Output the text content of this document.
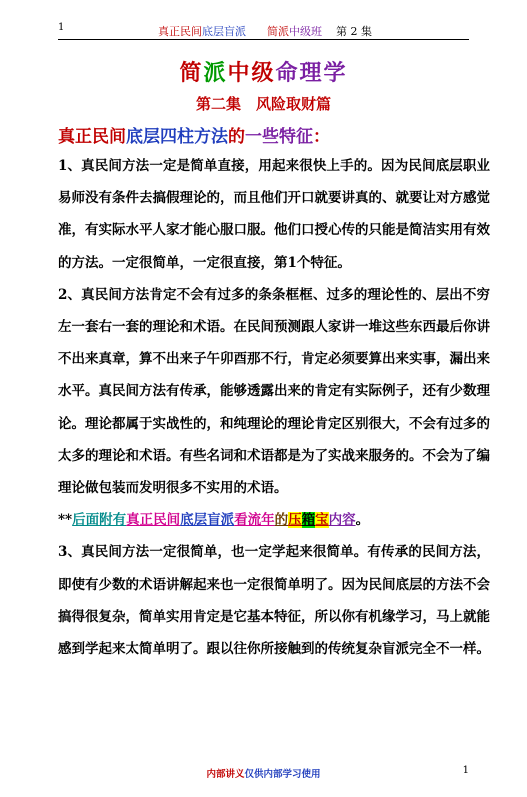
1	真正民间底层盲派 简派中级班 第 2 集
简派中级命理学
第二集　风险取财篇
真正民间底层四柱方法的一些特征：

1、真民间方法一定是简单直接，用起来很快上手的。因为民间底层职业易师没有条件去搞假理论的，而且他们开口就要讲真的、就要让对方感觉准，有实际水平人家才能心服口服。他们口授心传的只能是简洁实用有效的方法。一定很简单，一定很直接，第1个特征。

2、真民间方法肯定不会有过多的条条框框、过多的理论性的、层出不穷左一套右一套的理论和术语。在民间预测跟人家讲一堆这些东西最后你讲不出来真章，算不出来子午卯酉那不行，肯定必须要算出来实事，漏出来水平。真民间方法有传承，能够透露出来的肯定有实际例子，还有少数理论。理论都属于实战性的，和纯理论的理论肯定区别很大，不会有过多的太多的理论和术语。有些名词和术语都是为了实战来服务的。不会为了编理论做包装而发明很多不实用的术语。

**后面附有真正民间底层盲派看流年的压箱宝内容。

3、真民间方法一定很简单，也一定学起来很简单。有传承的民间方法，即使有少数的术语讲解起来也一定很简单明了。因为民间底层的方法不会搞得很复杂，简单实用肯定是它基本特征，所以你有机缘学习，马上就能感到学起来太简单明了。跟以往你所接触到的传统复杂盲派完全不一样。

内部讲义仅供内部学习使用	1
